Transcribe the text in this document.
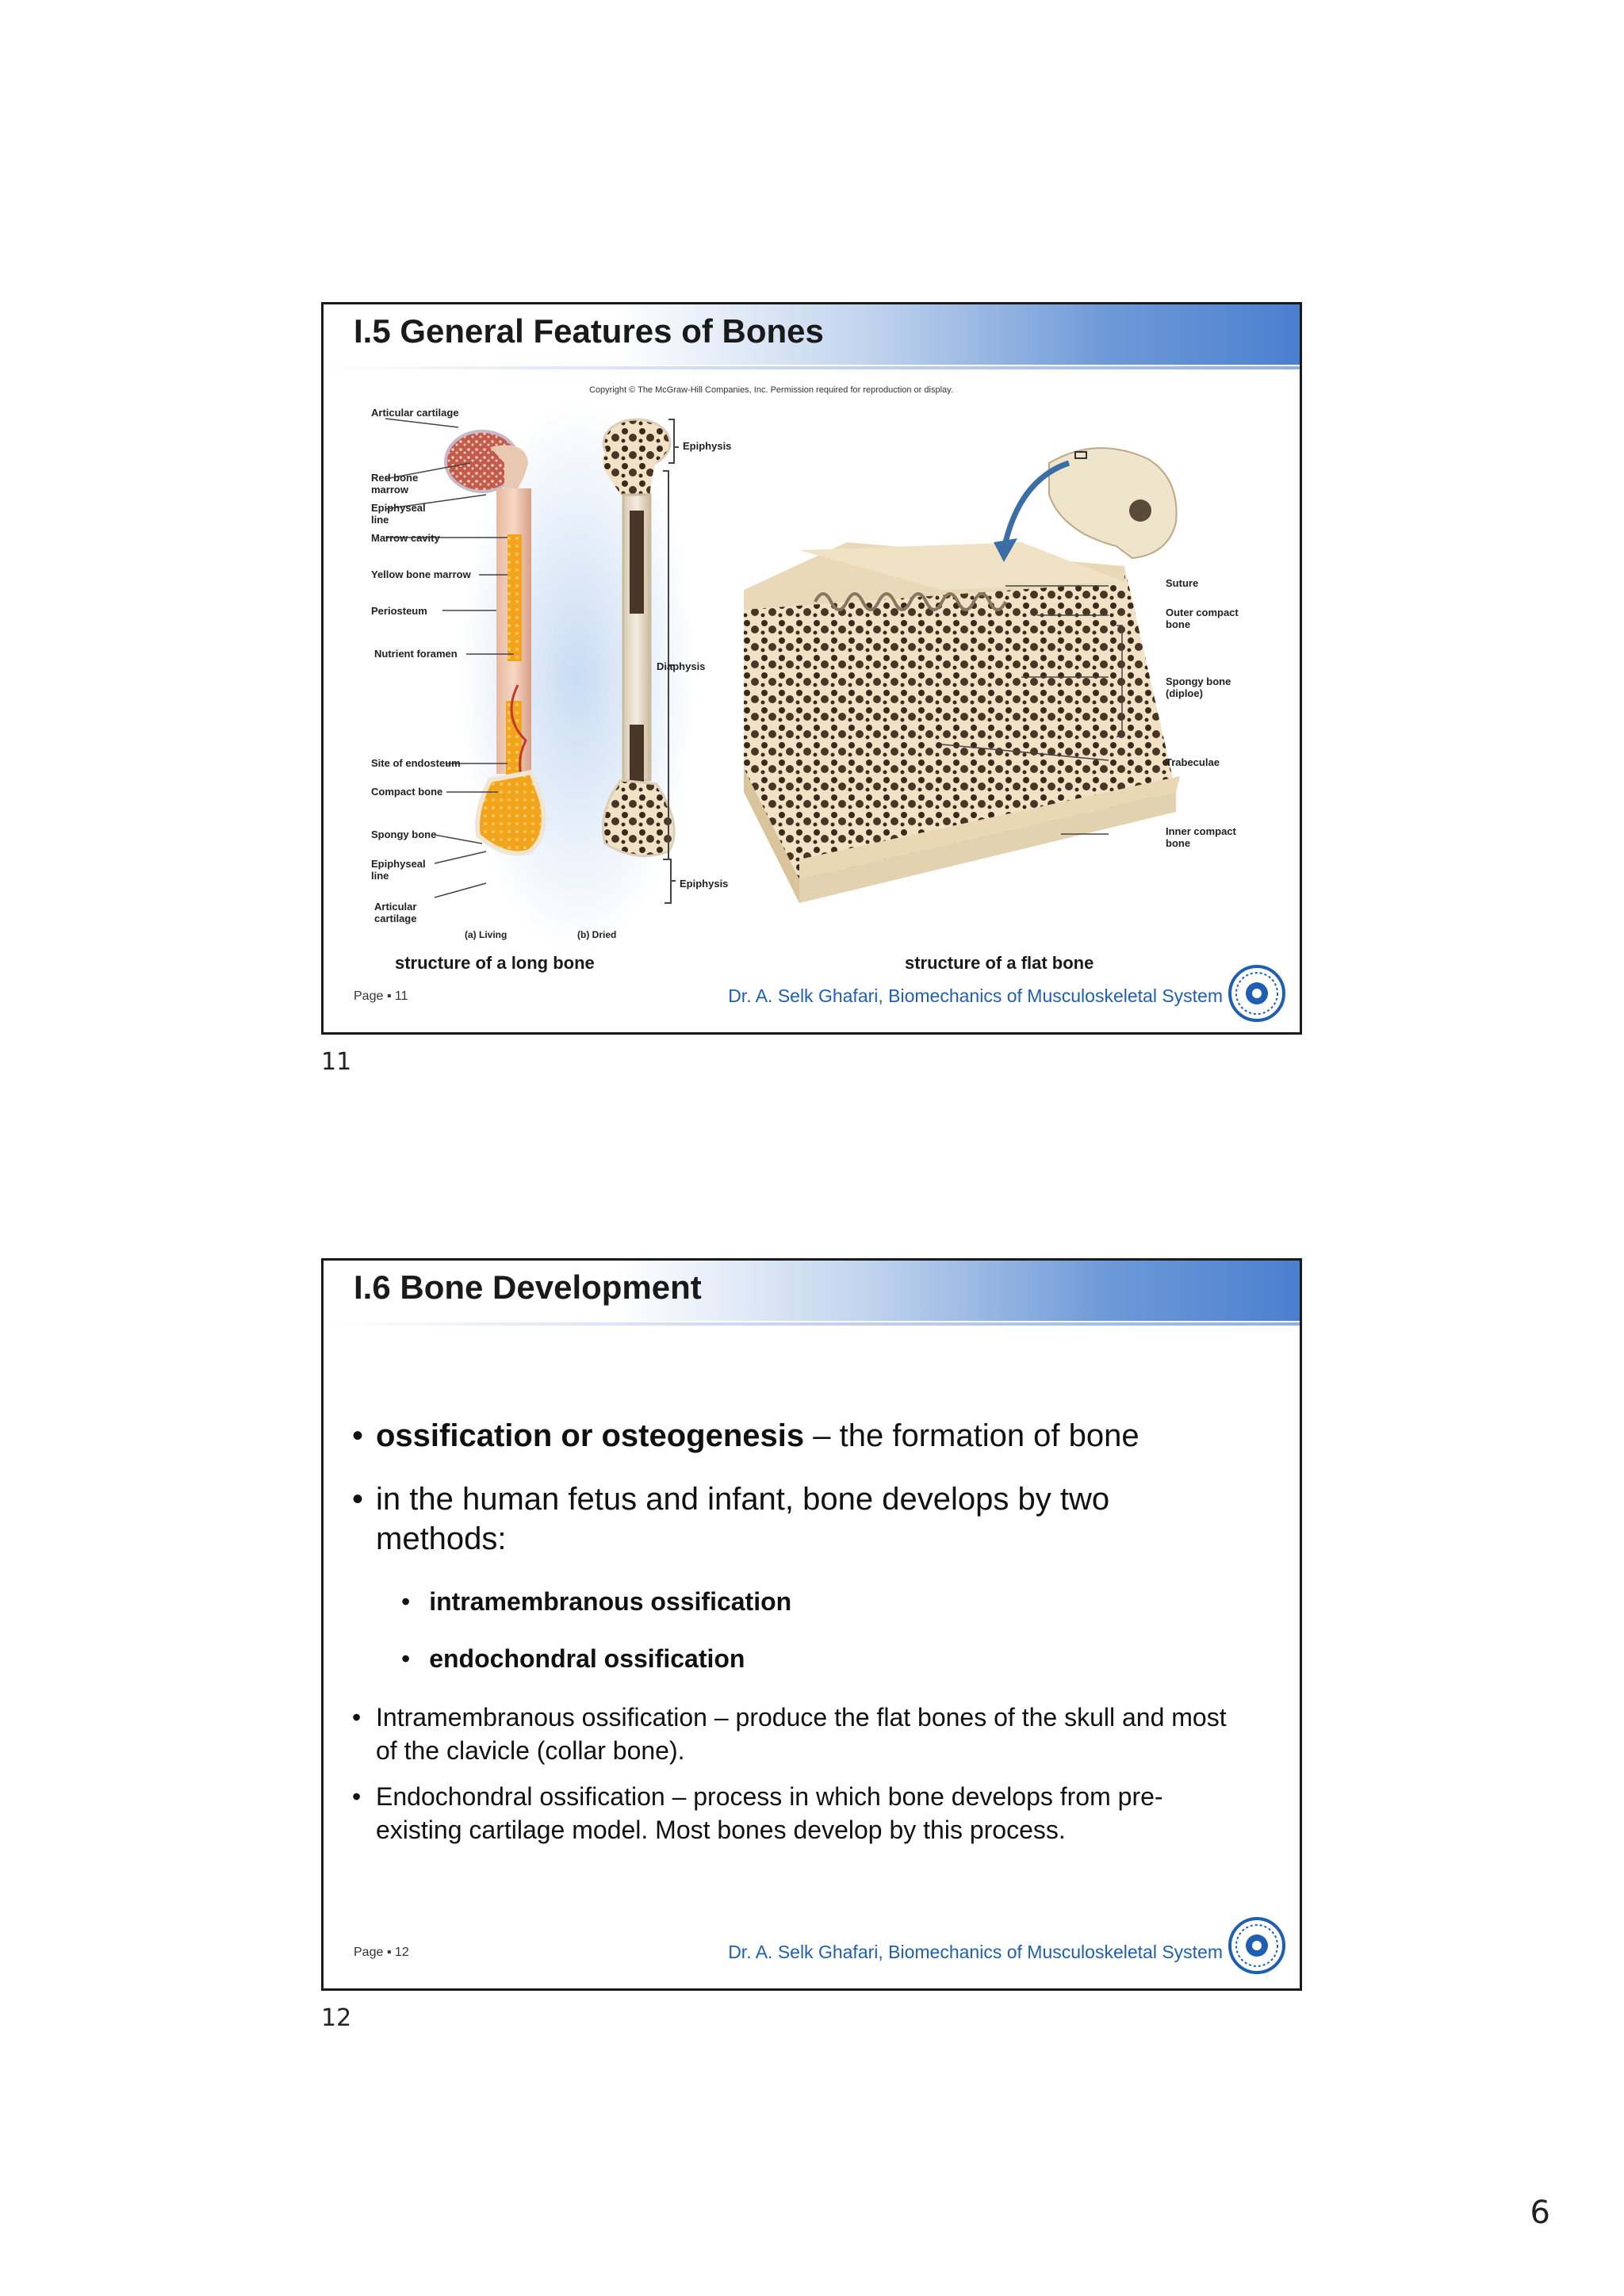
I.5 General Features of Bones
Copyright © The McGraw-Hill Companies, Inc. Permission required for reproduction or display.
Articular cartilage
Red bone marrow
Epiphyseal line
Marrow cavity
Yellow bone marrow
Periosteum
Nutrient foramen
Site of endosteum
Compact bone
Spongy bone
Epiphyseal line
Articular cartilage
Epiphysis
Diaphysis
Epiphysis
(a) Living	(b) Dried
Suture
Outer compact bone
Spongy bone (diploe)
Trabeculae
Inner compact bone
structure of a long bone	structure of a flat bone
Page ▪ 11	Dr. A. Selk Ghafari, Biomechanics of Musculoskeletal System
11
I.6 Bone Development
• ossification or osteogenesis – the formation of bone
• in the human fetus and infant, bone develops by two methods:
• intramembranous ossification
• endochondral ossification
• Intramembranous ossification – produce the flat bones of the skull and most of the clavicle (collar bone).
• Endochondral ossification – process in which bone develops from pre-existing cartilage model. Most bones develop by this process.
Page ▪ 12	Dr. A. Selk Ghafari, Biomechanics of Musculoskeletal System
12
6
